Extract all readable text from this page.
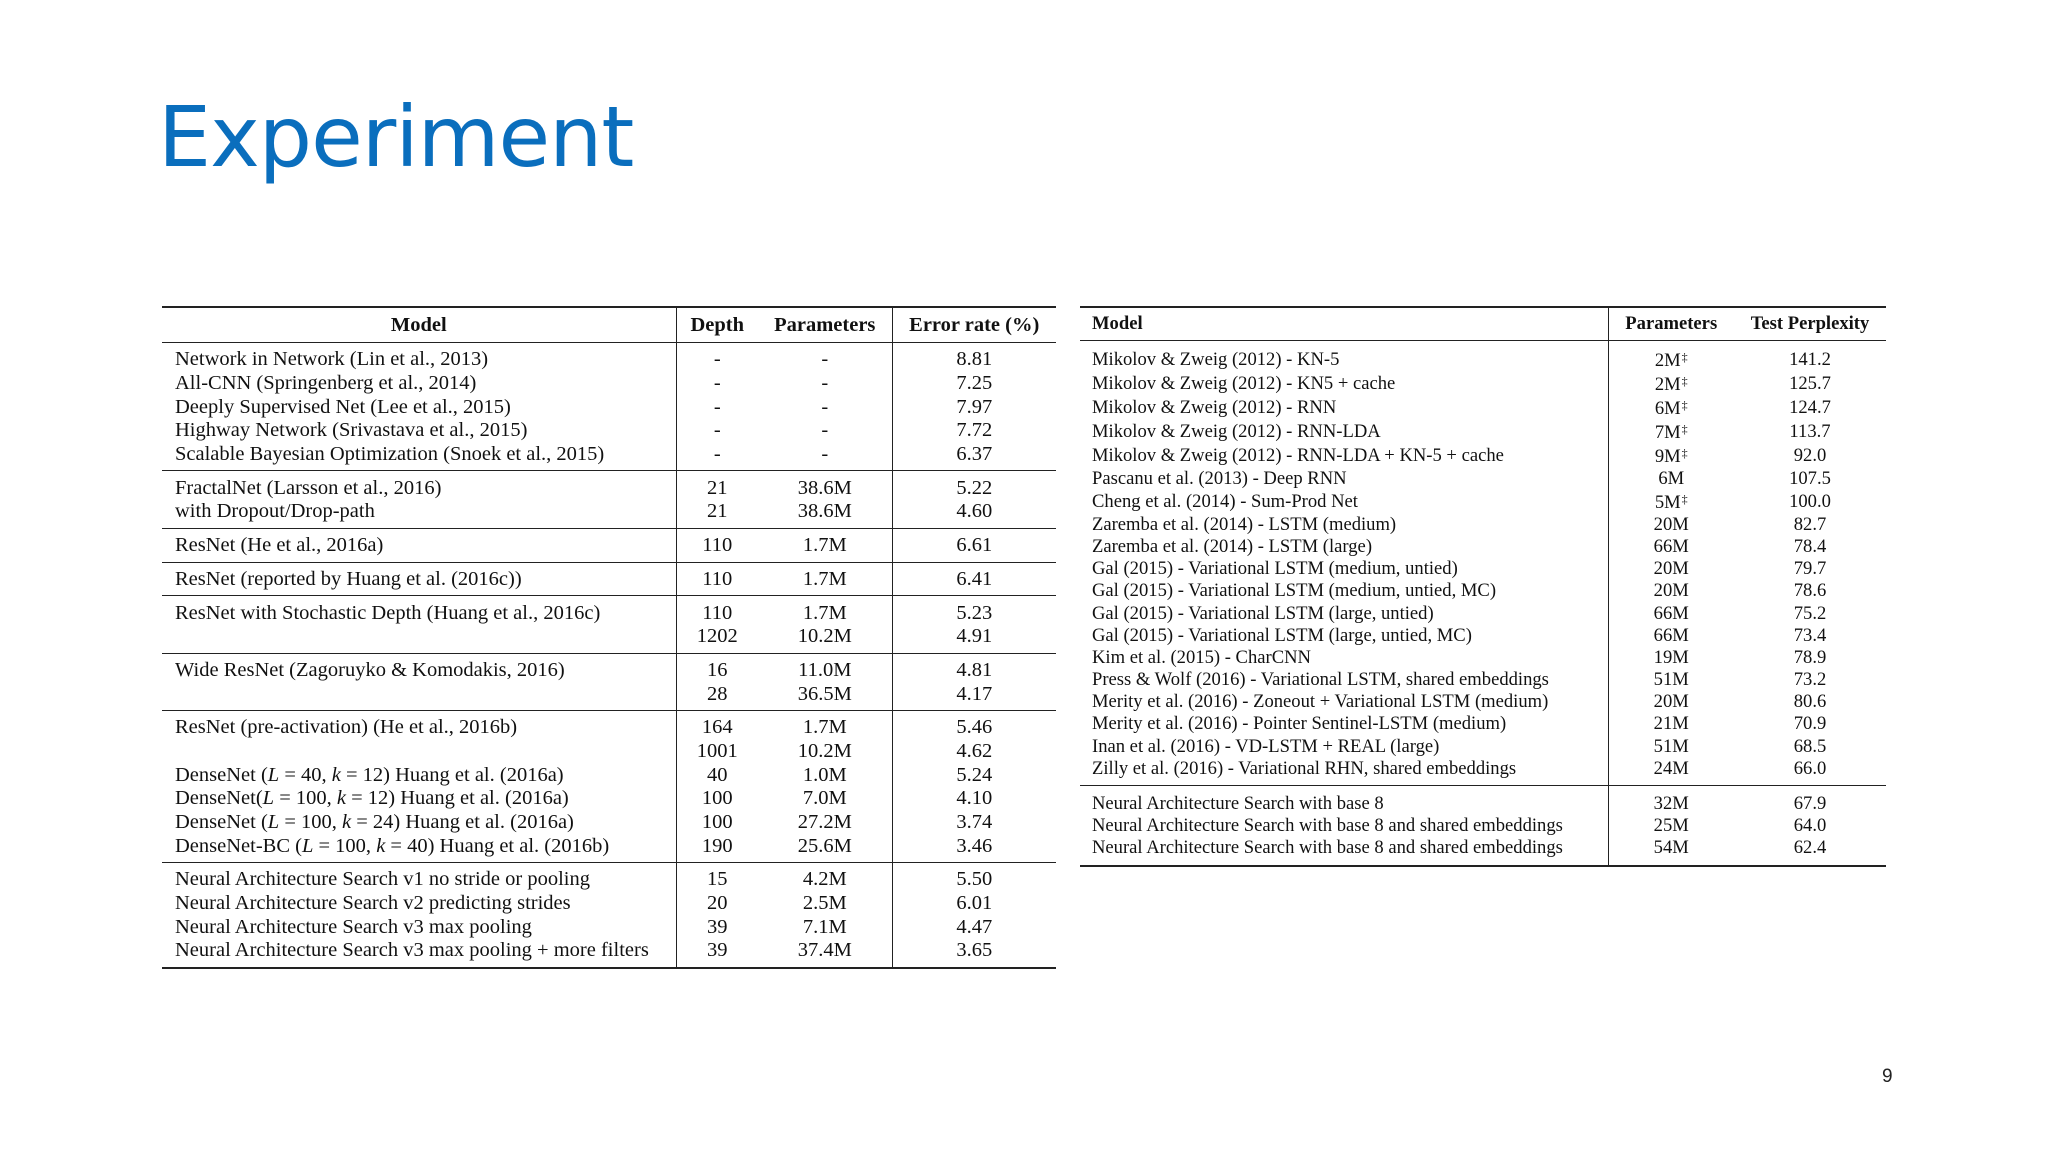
Experiment
Model	Depth	Parameters	Error rate (%)
Network in Network (Lin et al., 2013)	-	-	8.81
All-CNN (Springenberg et al., 2014)	-	-	7.25
Deeply Supervised Net (Lee et al., 2015)	-	-	7.97
Highway Network (Srivastava et al., 2015)	-	-	7.72
Scalable Bayesian Optimization (Snoek et al., 2015)	-	-	6.37
FractalNet (Larsson et al., 2016)	21	38.6M	5.22
with Dropout/Drop-path	21	38.6M	4.60
ResNet (He et al., 2016a)	110	1.7M	6.61
ResNet (reported by Huang et al. (2016c))	110	1.7M	6.41
ResNet with Stochastic Depth (Huang et al., 2016c)	110	1.7M	5.23
	1202	10.2M	4.91
Wide ResNet (Zagoruyko & Komodakis, 2016)	16	11.0M	4.81
	28	36.5M	4.17
ResNet (pre-activation) (He et al., 2016b)	164	1.7M	5.46
	1001	10.2M	4.62
DenseNet (L = 40, k = 12) Huang et al. (2016a)	40	1.0M	5.24
DenseNet(L = 100, k = 12) Huang et al. (2016a)	100	7.0M	4.10
DenseNet (L = 100, k = 24) Huang et al. (2016a)	100	27.2M	3.74
DenseNet-BC (L = 100, k = 40) Huang et al. (2016b)	190	25.6M	3.46
Neural Architecture Search v1 no stride or pooling	15	4.2M	5.50
Neural Architecture Search v2 predicting strides	20	2.5M	6.01
Neural Architecture Search v3 max pooling	39	7.1M	4.47
Neural Architecture Search v3 max pooling + more filters	39	37.4M	3.65
Model	Parameters	Test Perplexity
Mikolov & Zweig (2012) - KN-5	2M‡	141.2
Mikolov & Zweig (2012) - KN5 + cache	2M‡	125.7
Mikolov & Zweig (2012) - RNN	6M‡	124.7
Mikolov & Zweig (2012) - RNN-LDA	7M‡	113.7
Mikolov & Zweig (2012) - RNN-LDA + KN-5 + cache	9M‡	92.0
Pascanu et al. (2013) - Deep RNN	6M	107.5
Cheng et al. (2014) - Sum-Prod Net	5M‡	100.0
Zaremba et al. (2014) - LSTM (medium)	20M	82.7
Zaremba et al. (2014) - LSTM (large)	66M	78.4
Gal (2015) - Variational LSTM (medium, untied)	20M	79.7
Gal (2015) - Variational LSTM (medium, untied, MC)	20M	78.6
Gal (2015) - Variational LSTM (large, untied)	66M	75.2
Gal (2015) - Variational LSTM (large, untied, MC)	66M	73.4
Kim et al. (2015) - CharCNN	19M	78.9
Press & Wolf (2016) - Variational LSTM, shared embeddings	51M	73.2
Merity et al. (2016) - Zoneout + Variational LSTM (medium)	20M	80.6
Merity et al. (2016) - Pointer Sentinel-LSTM (medium)	21M	70.9
Inan et al. (2016) - VD-LSTM + REAL (large)	51M	68.5
Zilly et al. (2016) - Variational RHN, shared embeddings	24M	66.0
Neural Architecture Search with base 8	32M	67.9
Neural Architecture Search with base 8 and shared embeddings	25M	64.0
Neural Architecture Search with base 8 and shared embeddings	54M	62.4
9
